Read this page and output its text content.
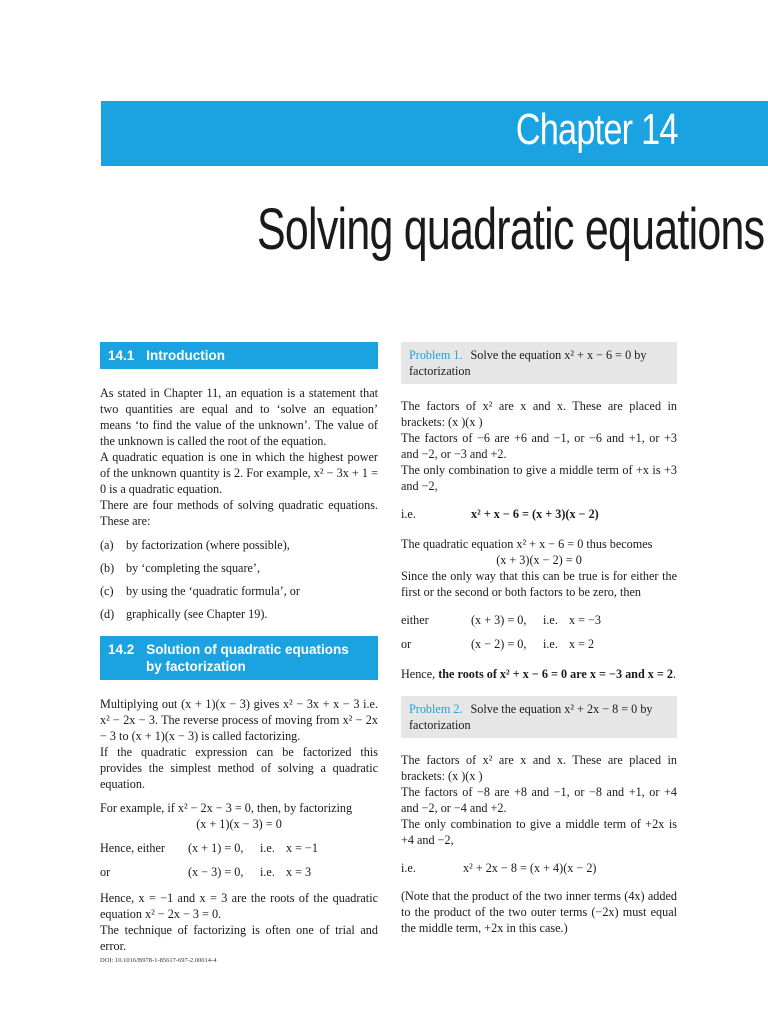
Chapter 14
Solving quadratic equations
14.1 Introduction

As stated in Chapter 11, an equation is a statement that two quantities are equal and to ‘solve an equation’ means ‘to find the value of the unknown’. The value of the unknown is called the root of the equation.

A quadratic equation is one in which the highest power of the unknown quantity is 2. For example, x² − 3x + 1 = 0 is a quadratic equation.

There are four methods of solving quadratic equations. These are:

(a)	by factorization (where possible),
(b) by ‘completing the square’,
(c)	by using the ‘quadratic formula’, or
(d) graphically (see Chapter 19).
14.2 Solution of quadratic equations
by factorization

Multiplying out (x + 1)(x − 3) gives x² − 3x + x − 3 i.e. x² − 2x − 3. The reverse process of moving from x² − 2x − 3 to (x + 1)(x − 3) is called factorizing.

If the quadratic expression can be factorized this provides the simplest method of solving a quadratic equation.

For example, if x² − 2x − 3 = 0, then, by factorizing

(x + 1)(x − 3) = 0

Hence, either	(x + 1) = 0,	i.e. x = −1
or	(x − 3) = 0,	i.e. x = 3

Hence, x = −1 and x = 3 are the roots of the quadratic equation x² − 2x − 3 = 0.

The technique of factorizing is often one of trial and error.

Problem 1. Solve the equation x² + x − 6 = 0 by factorization

The factors of x² are x and x. These are placed in brackets: (x )(x )

The factors of −6 are +6 and −1, or −6 and +1, or +3 and −2, or −3 and +2.

The only combination to give a middle term of +x is +3 and −2,

i.e.	x² + x − 6 = (x + 3)(x − 2)

The quadratic equation x² + x − 6 = 0 thus becomes

(x + 3)(x − 2) = 0

Since the only way that this can be true is for either the first or the second or both factors to be zero, then

either	(x + 3) = 0,	i.e. x = −3
or	(x − 2) = 0,	i.e. x = 2

Hence, the roots of x² + x − 6 = 0 are x = −3 and x = 2.

Problem 2. Solve the equation x² + 2x − 8 = 0 by factorization

The factors of x² are x and x. These are placed in brackets: (x )(x )

The factors of −8 are +8 and −1, or −8 and +1, or +4 and −2, or −4 and +2.

The only combination to give a middle term of +2x is +4 and −2,

i.e.	x² + 2x − 8 = (x + 4)(x − 2)

(Note that the product of the two inner terms (4x) added to the product of the two outer terms (−2x) must equal the middle term, +2x in this case.)

DOI: 10.1016/B978-1-85617-697-2.00014-4
